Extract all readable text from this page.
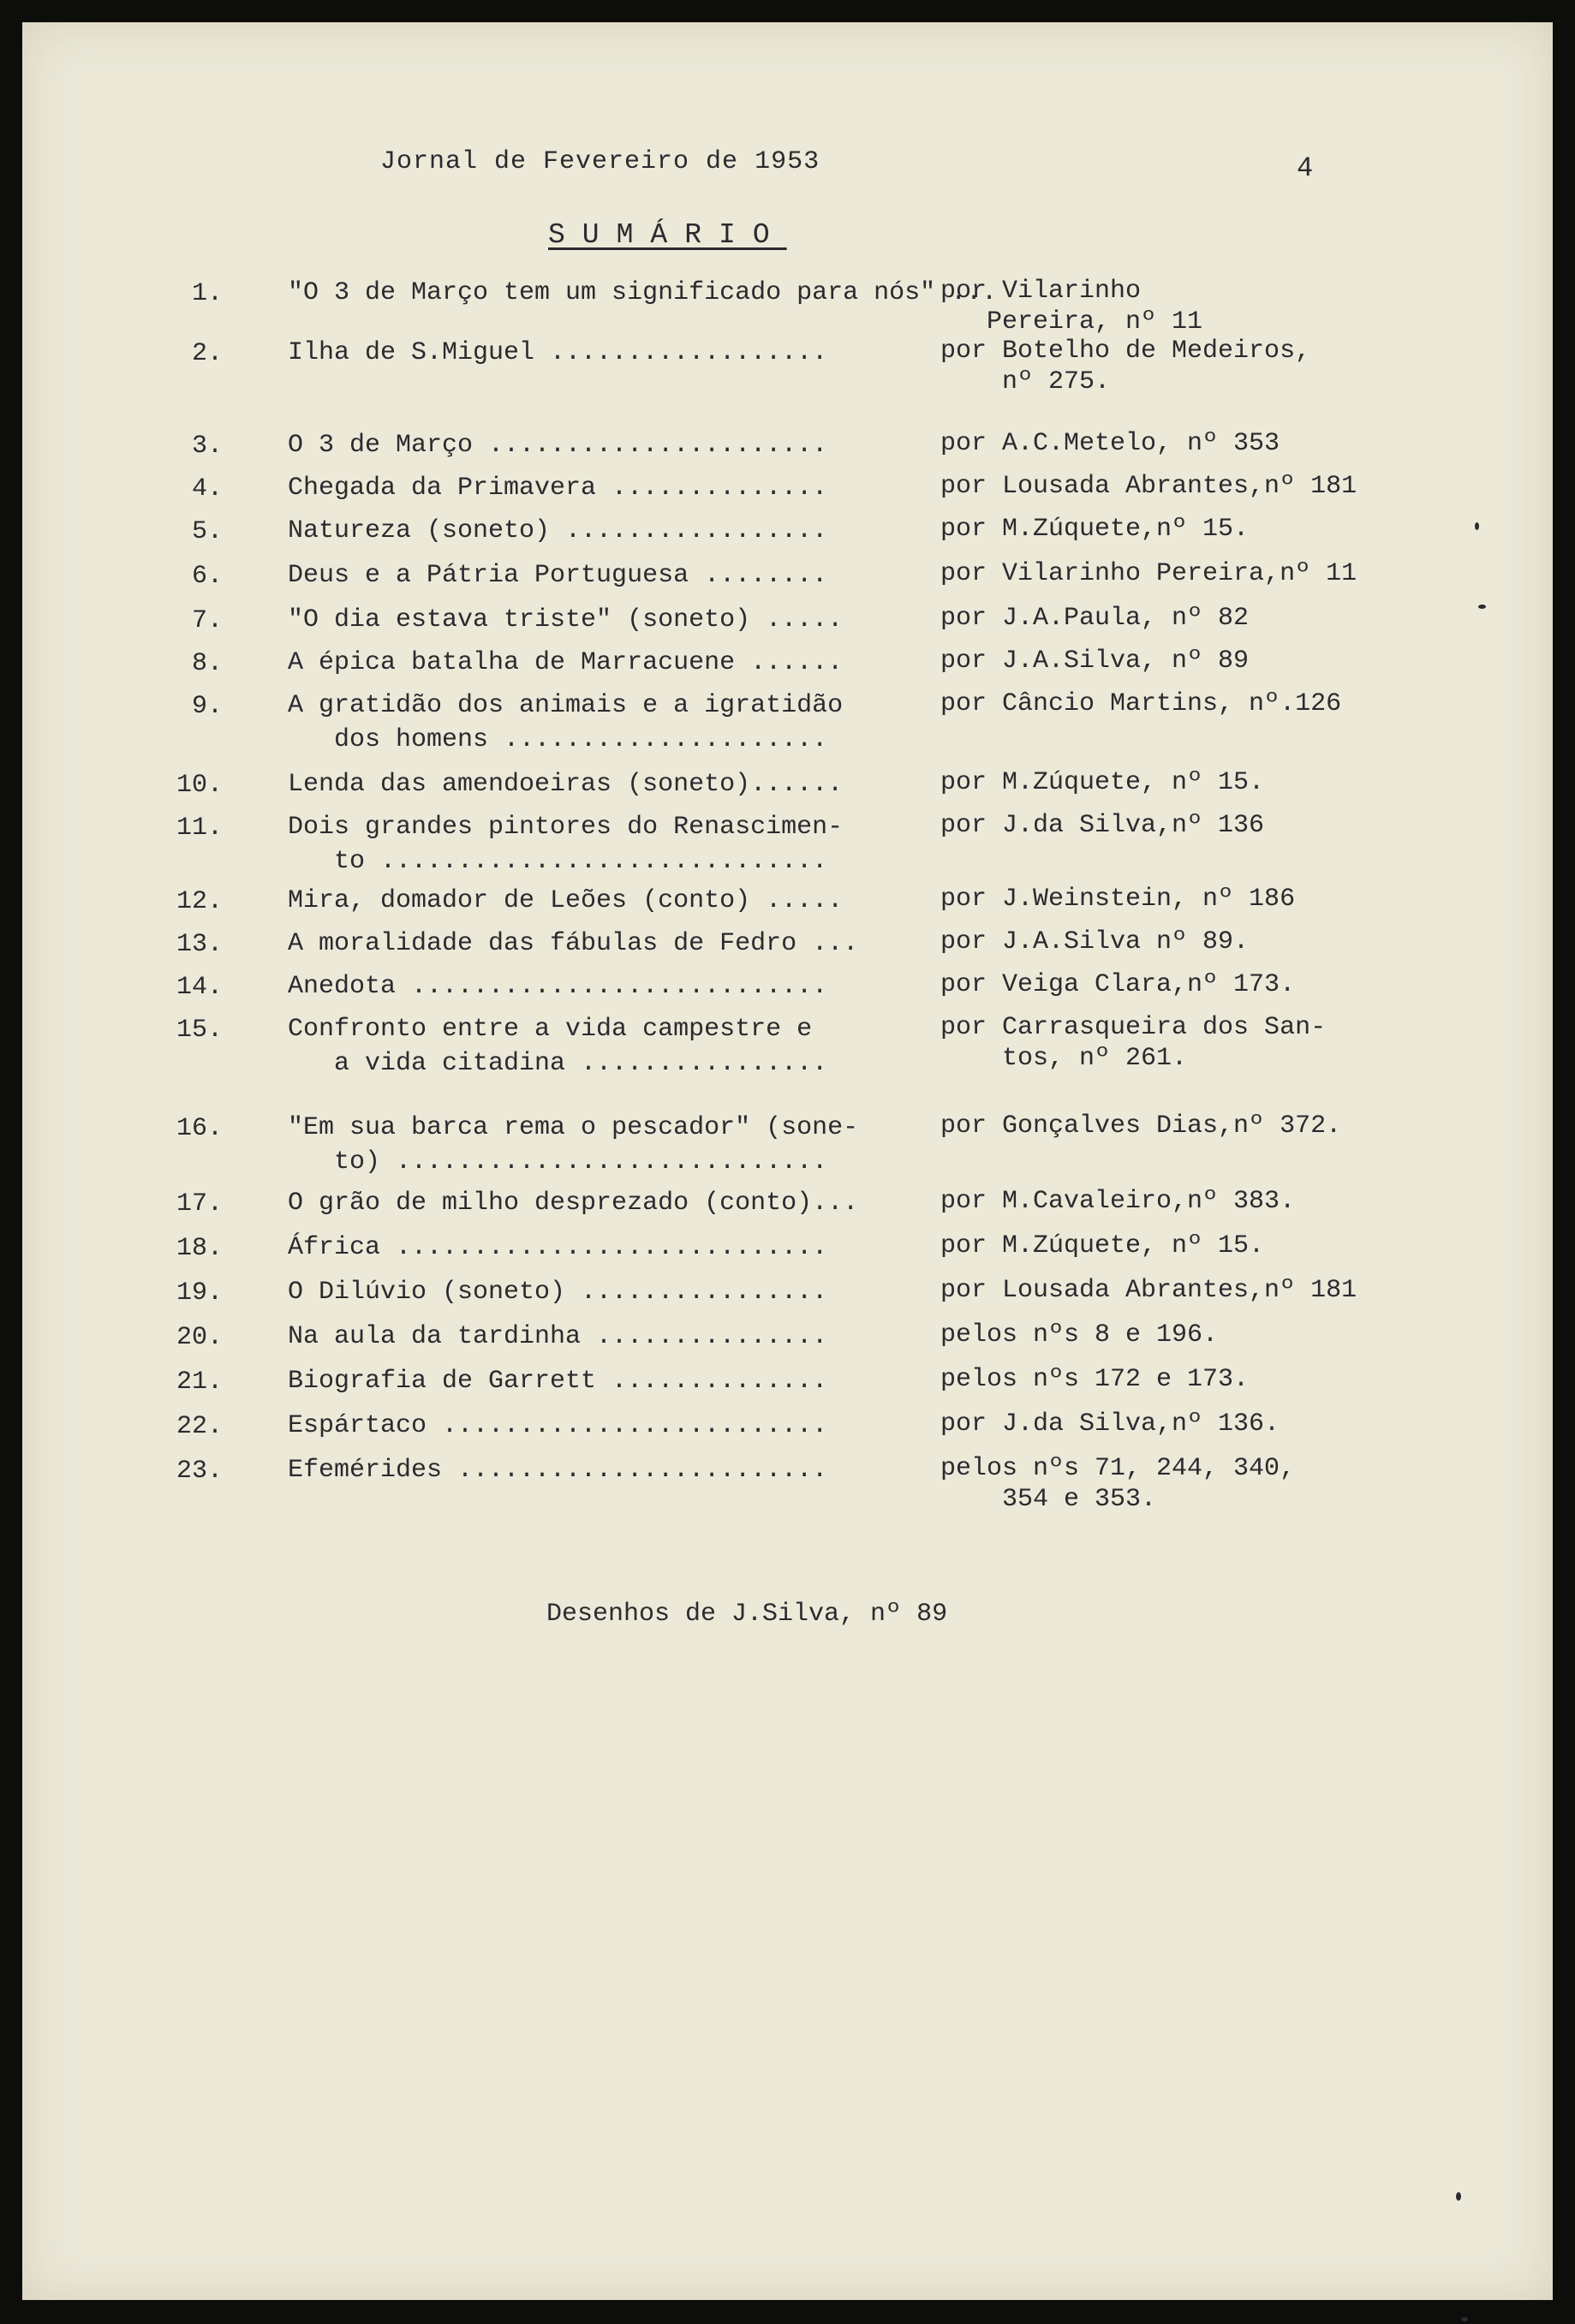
Jornal de Fevereiro de 1953	4
SUMÁRIO
1.	"O 3 de Março tem um significado para nós" ...
por Vilarinho
Pereira, nº 11
2.	Ilha de S.Miguel ..................	por Botelho de Medeiros,
nº 275.
3.	O 3 de Março ......................	por A.C.Metelo, nº 353
4.	Chegada da Primavera ..............	por Lousada Abrantes,nº 181
5.	Natureza (soneto) .................	por M.Zúquete,nº 15.
6.	Deus e a Pátria Portuguesa ........	por Vilarinho Pereira,nº 11
7.	"O dia estava triste" (soneto) .....	por J.A.Paula, nº 82
8.	A épica batalha de Marracuene ......	por J.A.Silva, nº 89
9.	A gratidão dos animais e a igratidão
dos homens .....................
por Câncio Martins, nº.126
10.	Lenda das amendoeiras (soneto)......	por M.Zúquete, nº 15.
11.	Dois grandes pintores do Renascimen-
to .............................
por J.da Silva,nº 136
12.	Mira, domador de Leões (conto) .....	por J.Weinstein, nº 186
13.	A moralidade das fábulas de Fedro ...	por J.A.Silva nº 89.
14.	Anedota ...........................	por Veiga Clara,nº 173.
15.	Confronto entre a vida campestre e
a vida citadina ................
por Carrasqueira dos San-
tos, nº 261.
16.	"Em sua barca rema o pescador" (sone-
to) ............................
por Gonçalves Dias,nº 372.
17.	O grão de milho desprezado (conto)...	por M.Cavaleiro,nº 383.
18.	África ............................	por M.Zúquete, nº 15.
19.	O Dilúvio (soneto) ................	por Lousada Abrantes,nº 181
20.	Na aula da tardinha ...............	pelos nºs 8 e 196.
21.	Biografia de Garrett ..............	pelos nºs 172 e 173.
22.	Espártaco .........................	por J.da Silva,nº 136.
23.	Efemérides ........................	pelos nºs 71, 244, 340,
354 e 353.
Desenhos de J.Silva, nº 89
